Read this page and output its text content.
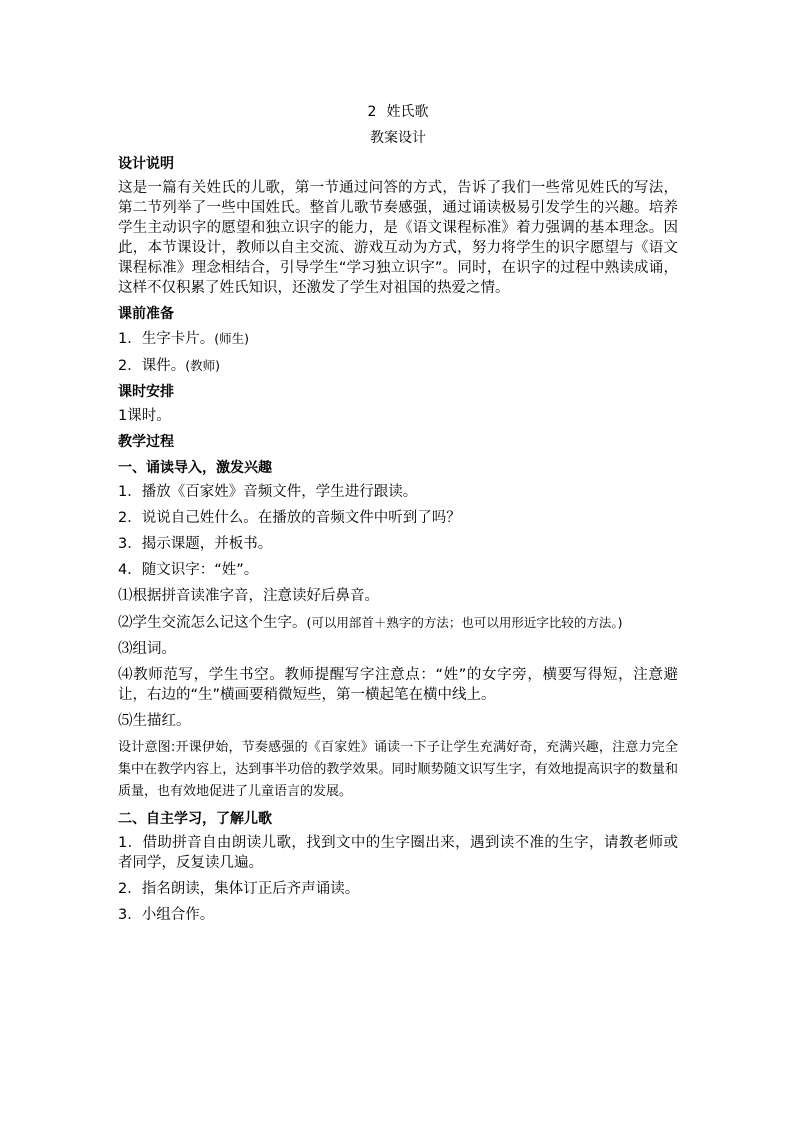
2 姓氏歌
教案设计
设计说明
这是一篇有关姓氏的儿歌，第一节通过问答的方式，告诉了我们一些常见姓氏的写法，第二节列举了一些中国姓氏。整首儿歌节奏感强，通过诵读极易引发学生的兴趣。培养学生主动识字的愿望和独立识字的能力，是《语文课程标准》着力强调的基本理念。因此，本节课设计，教师以自主交流、游戏互动为方式，努力将学生的识字愿望与《语文课程标准》理念相结合，引导学生“学习独立识字”。同时，在识字的过程中熟读成诵，这样不仅积累了姓氏知识，还激发了学生对祖国的热爱之情。
课前准备
1．生字卡片。(师生)
2．课件。(教师)
课时安排
1课时。
教学过程
一、诵读导入，激发兴趣
1．播放《百家姓》音频文件，学生进行跟读。
2．说说自己姓什么。在播放的音频文件中听到了吗？
3．揭示课题，并板书。
4．随文识字：“姓”。
⑴根据拼音读准字音，注意读好后鼻音。
⑵学生交流怎么记这个生字。(可以用部首＋熟字的方法；也可以用形近字比较的方法。)
⑶组词。
⑷教师范写，学生书空。教师提醒写字注意点：“姓”的女字旁，横要写得短，注意避让，右边的“生”横画要稍微短些，第一横起笔在横中线上。
⑸生描红。
设计意图:开课伊始，节奏感强的《百家姓》诵读一下子让学生充满好奇，充满兴趣，注意力完全集中在教学内容上，达到事半功倍的教学效果。同时顺势随文识写生字，有效地提高识字的数量和质量，也有效地促进了儿童语言的发展。
二、自主学习，了解儿歌
1．借助拼音自由朗读儿歌，找到文中的生字圈出来，遇到读不准的生字，请教老师或者同学，反复读几遍。
2．指名朗读，集体订正后齐声诵读。
3．小组合作。
